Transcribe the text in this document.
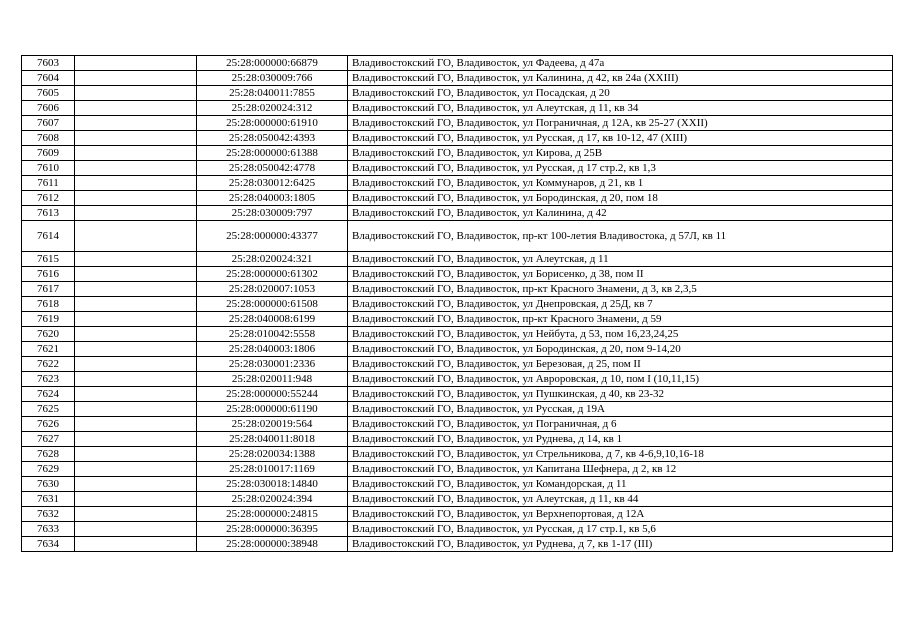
7603		25:28:000000:66879	Владивостокский ГО, Владивосток, ул Фадеева, д 47а
7604		25:28:030009:766	Владивостокский ГО, Владивосток, ул Калинина, д 42, кв 24а (XXIII)
7605		25:28:040011:7855	Владивостокский ГО, Владивосток, ул Посадская, д 20
7606		25:28:020024:312	Владивостокский ГО, Владивосток, ул Алеутская, д 11, кв 34
7607		25:28:000000:61910	Владивостокский ГО, Владивосток, ул Пограничная, д 12А, кв 25-27 (XXII)
7608		25:28:050042:4393	Владивостокский ГО, Владивосток, ул Русская, д 17, кв 10-12, 47 (XIII)
7609		25:28:000000:61388	Владивостокский ГО, Владивосток, ул Кирова, д 25В
7610		25:28:050042:4778	Владивостокский ГО, Владивосток, ул Русская, д 17 стр.2, кв 1,3
7611		25:28:030012:6425	Владивостокский ГО, Владивосток, ул Коммунаров, д 21, кв 1
7612		25:28:040003:1805	Владивостокский ГО, Владивосток, ул Бородинская, д 20, пом 18
7613		25:28:030009:797	Владивостокский ГО, Владивосток, ул Калинина, д 42
7614		25:28:000000:43377	Владивостокский ГО, Владивосток, пр-кт 100-летия Владивостока, д 57Л, кв 11
7615		25:28:020024:321	Владивостокский ГО, Владивосток, ул Алеутская, д 11
7616		25:28:000000:61302	Владивостокский ГО, Владивосток, ул Борисенко, д 38, пом II
7617		25:28:020007:1053	Владивостокский ГО, Владивосток, пр-кт Красного Знамени, д 3, кв 2,3,5
7618		25:28:000000:61508	Владивостокский ГО, Владивосток, ул Днепровская, д 25Д, кв 7
7619		25:28:040008:6199	Владивостокский ГО, Владивосток, пр-кт Красного Знамени, д 59
7620		25:28:010042:5558	Владивостокский ГО, Владивосток, ул Нейбута, д 53, пом 16,23,24,25
7621		25:28:040003:1806	Владивостокский ГО, Владивосток, ул Бородинская, д 20, пом 9-14,20
7622		25:28:030001:2336	Владивостокский ГО, Владивосток, ул Березовая, д 25, пом II
7623		25:28:020011:948	Владивостокский ГО, Владивосток, ул Авроровская, д 10, пом I (10,11,15)
7624		25:28:000000:55244	Владивостокский ГО, Владивосток, ул Пушкинская, д 40, кв 23-32
7625		25:28:000000:61190	Владивостокский ГО, Владивосток, ул Русская, д 19А
7626		25:28:020019:564	Владивостокский ГО, Владивосток, ул Пограничная, д 6
7627		25:28:040011:8018	Владивостокский ГО, Владивосток, ул Руднева, д 14, кв 1
7628		25:28:020034:1388	Владивостокский ГО, Владивосток, ул Стрельникова, д 7, кв 4-6,9,10,16-18
7629		25:28:010017:1169	Владивостокский ГО, Владивосток, ул Капитана Шефнера, д 2, кв 12
7630		25:28:030018:14840	Владивостокский ГО, Владивосток, ул Командорская, д 11
7631		25:28:020024:394	Владивостокский ГО, Владивосток, ул Алеутская, д 11, кв 44
7632		25:28:000000:24815	Владивостокский ГО, Владивосток, ул Верхнепортовая, д 12А
7633		25:28:000000:36395	Владивостокский ГО, Владивосток, ул Русская, д 17 стр.1, кв 5,6
7634		25:28:000000:38948	Владивостокский ГО, Владивосток, ул Руднева, д 7, кв 1-17 (III)
